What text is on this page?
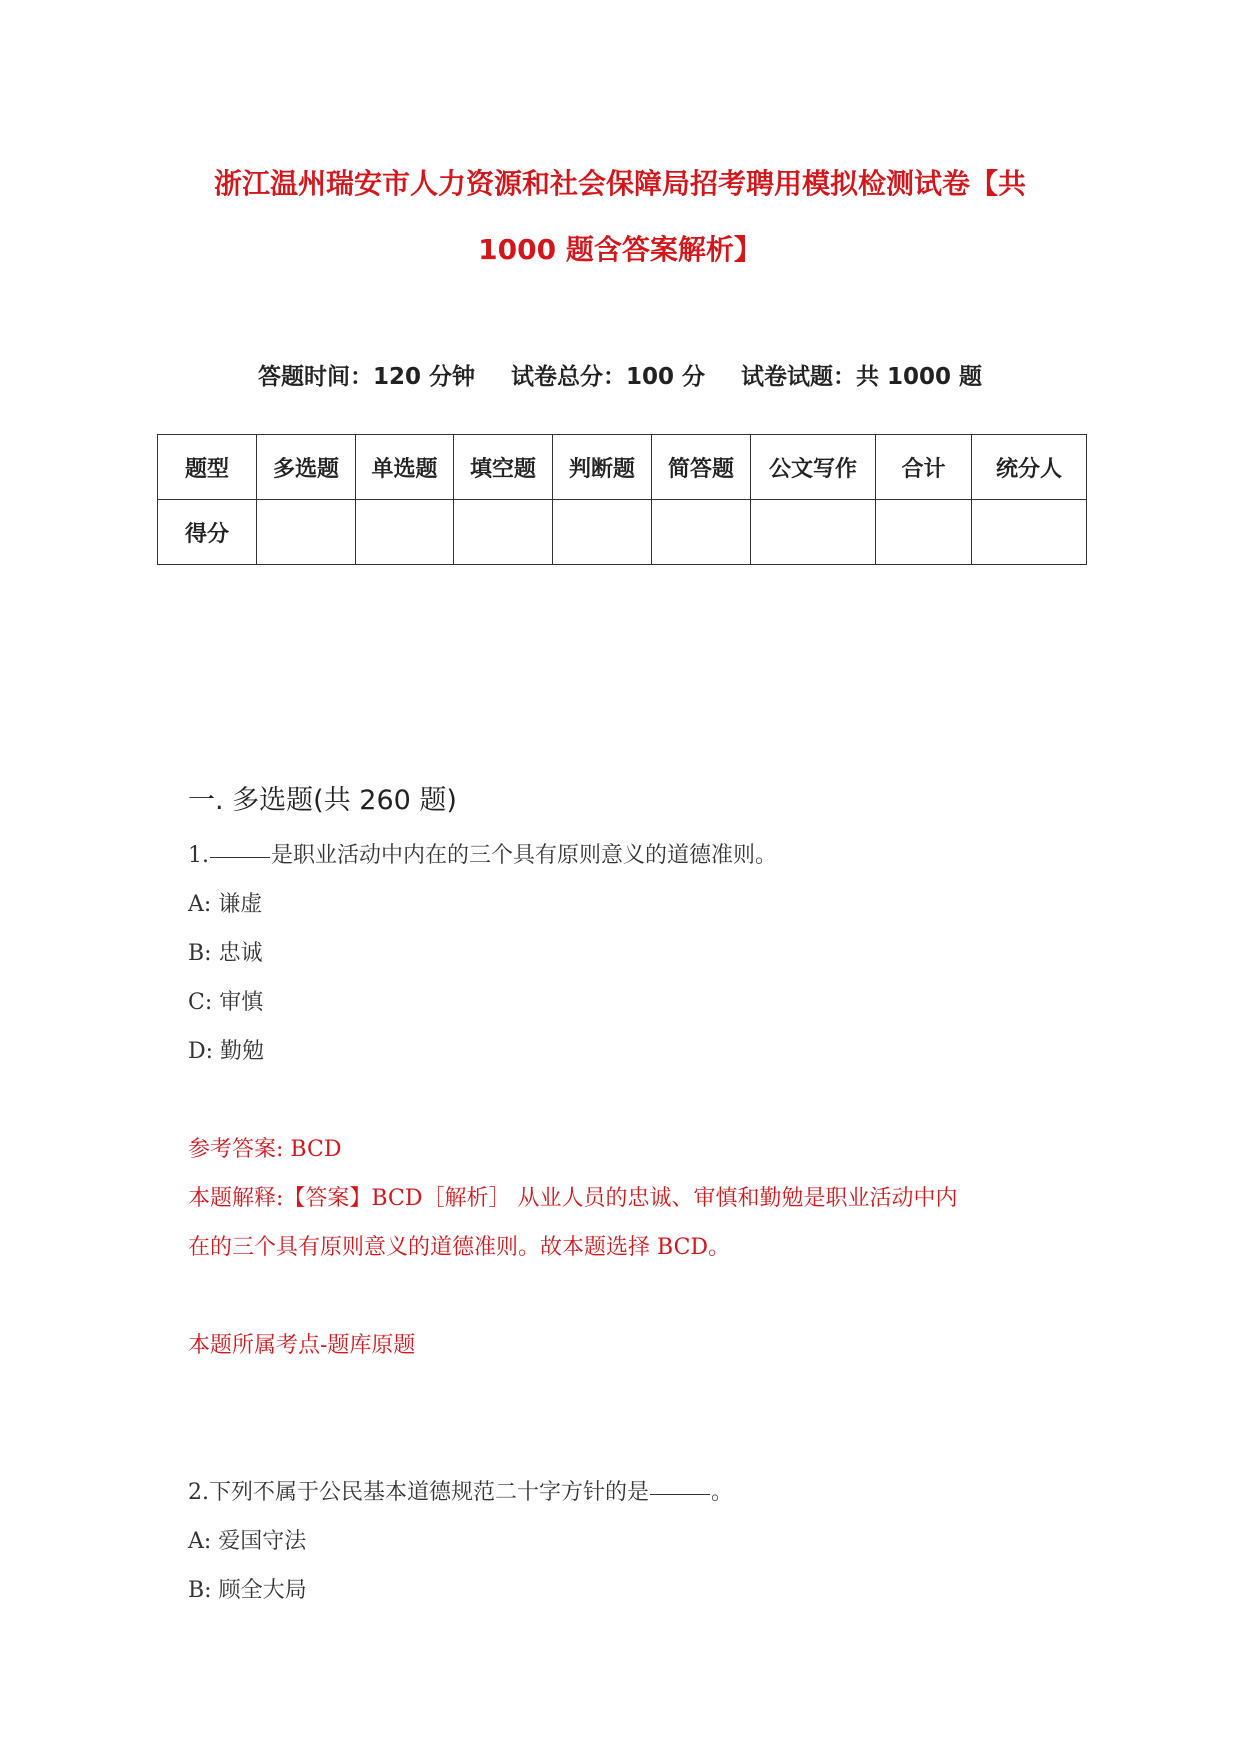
浙江温州瑞安市人力资源和社会保障局招考聘用模拟检测试卷【共
1000 题含答案解析】
答题时间：120 分钟 试卷总分：100 分 试卷试题：共 1000 题
题型	多选题	单选题	填空题	判断题	简答题	公文写作	合计	统分人
得分								
一. 多选题(共 260 题)
1.	是职业活动中内在的三个具有原则意义的道德准则。
A: 谦虚
B: 忠诚
C: 审慎
D: 勤勉
参考答案: BCD
本题解释:【答案】BCD［解析］ 从业人员的忠诚、审慎和勤勉是职业活动中内
在的三个具有原则意义的道德准则。故本题选择 BCD。
本题所属考点-题库原题
2.下列不属于公民基本道德规范二十字方针的是	。
A: 爱国守法
B: 顾全大局
